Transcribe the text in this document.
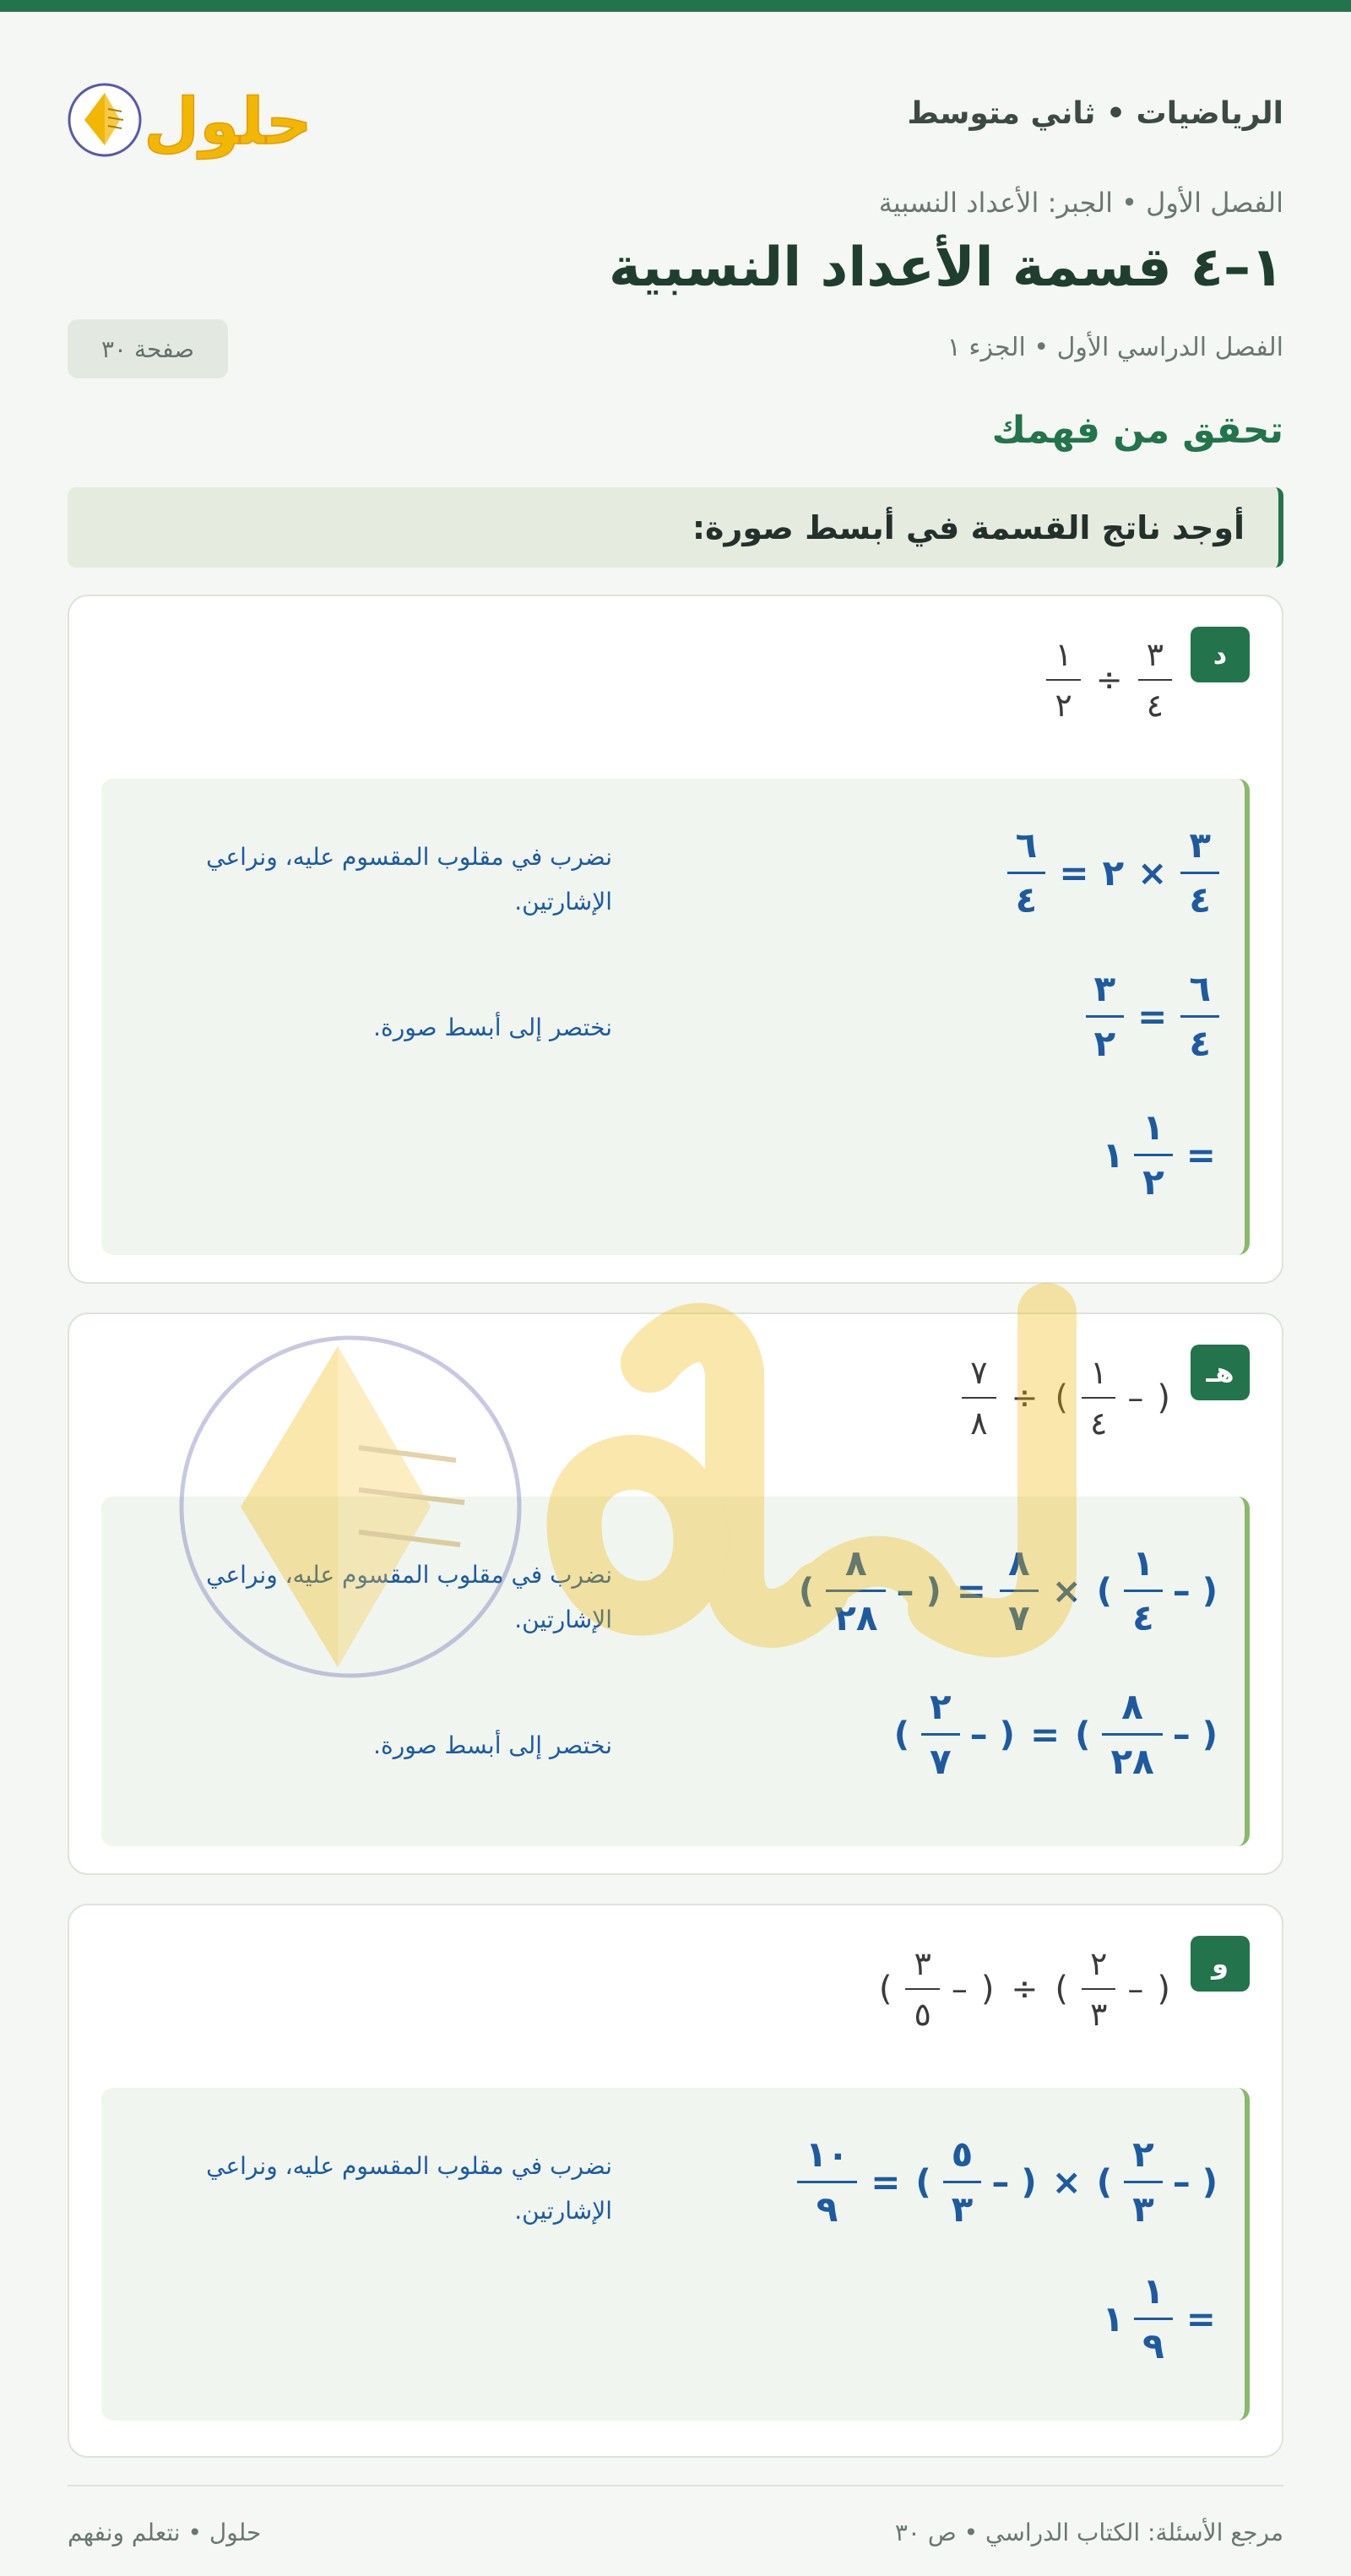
الرياضيات • ثاني متوسط
حلول
الفصل الأول • الجبر: الأعداد النسبية
١–٤ قسمة الأعداد النسبية
الفصل الدراسي الأول • الجزء ١
صفحة ٣٠
تحقق من فهمك
أوجد ناتج القسمة في أبسط صورة:
د
$\frac{٣}{٤}$
÷
$\frac{١}{٢}$
$\frac{٣}{٤}$
×
٢
=
$\frac{٦}{٤}$
نضرب في مقلوب المقسوم عليه، ونراعي الإشارتين.
$\frac{٦}{٤}$
=
$\frac{٣}{٢}$
نختصر إلى أبسط صورة.
=
$\frac{١}{٢}$
١
هـ
(
–
$\frac{١}{٤}$
)
÷
$\frac{٧}{٨}$
(
–
$\frac{١}{٤}$
)
×
$\frac{٨}{٧}$
=
(
–
$\frac{٨}{٢٨}$
)
نضرب في مقلوب المقسوم عليه، ونراعي الإشارتين.
(
–
$\frac{٨}{٢٨}$
)
=
(
–
$\frac{٢}{٧}$
)
نختصر إلى أبسط صورة.
و
(
–
$\frac{٢}{٣}$
)
÷
(
–
$\frac{٣}{٥}$
)
(
–
$\frac{٢}{٣}$
)
×
(
–
$\frac{٥}{٣}$
)
=
$\frac{١٠}{٩}$
نضرب في مقلوب المقسوم عليه، ونراعي الإشارتين.
=
$\frac{١}{٩}$
١
مرجع الأسئلة: الكتاب الدراسي • ص ٣٠
حلول • نتعلم ونفهم
